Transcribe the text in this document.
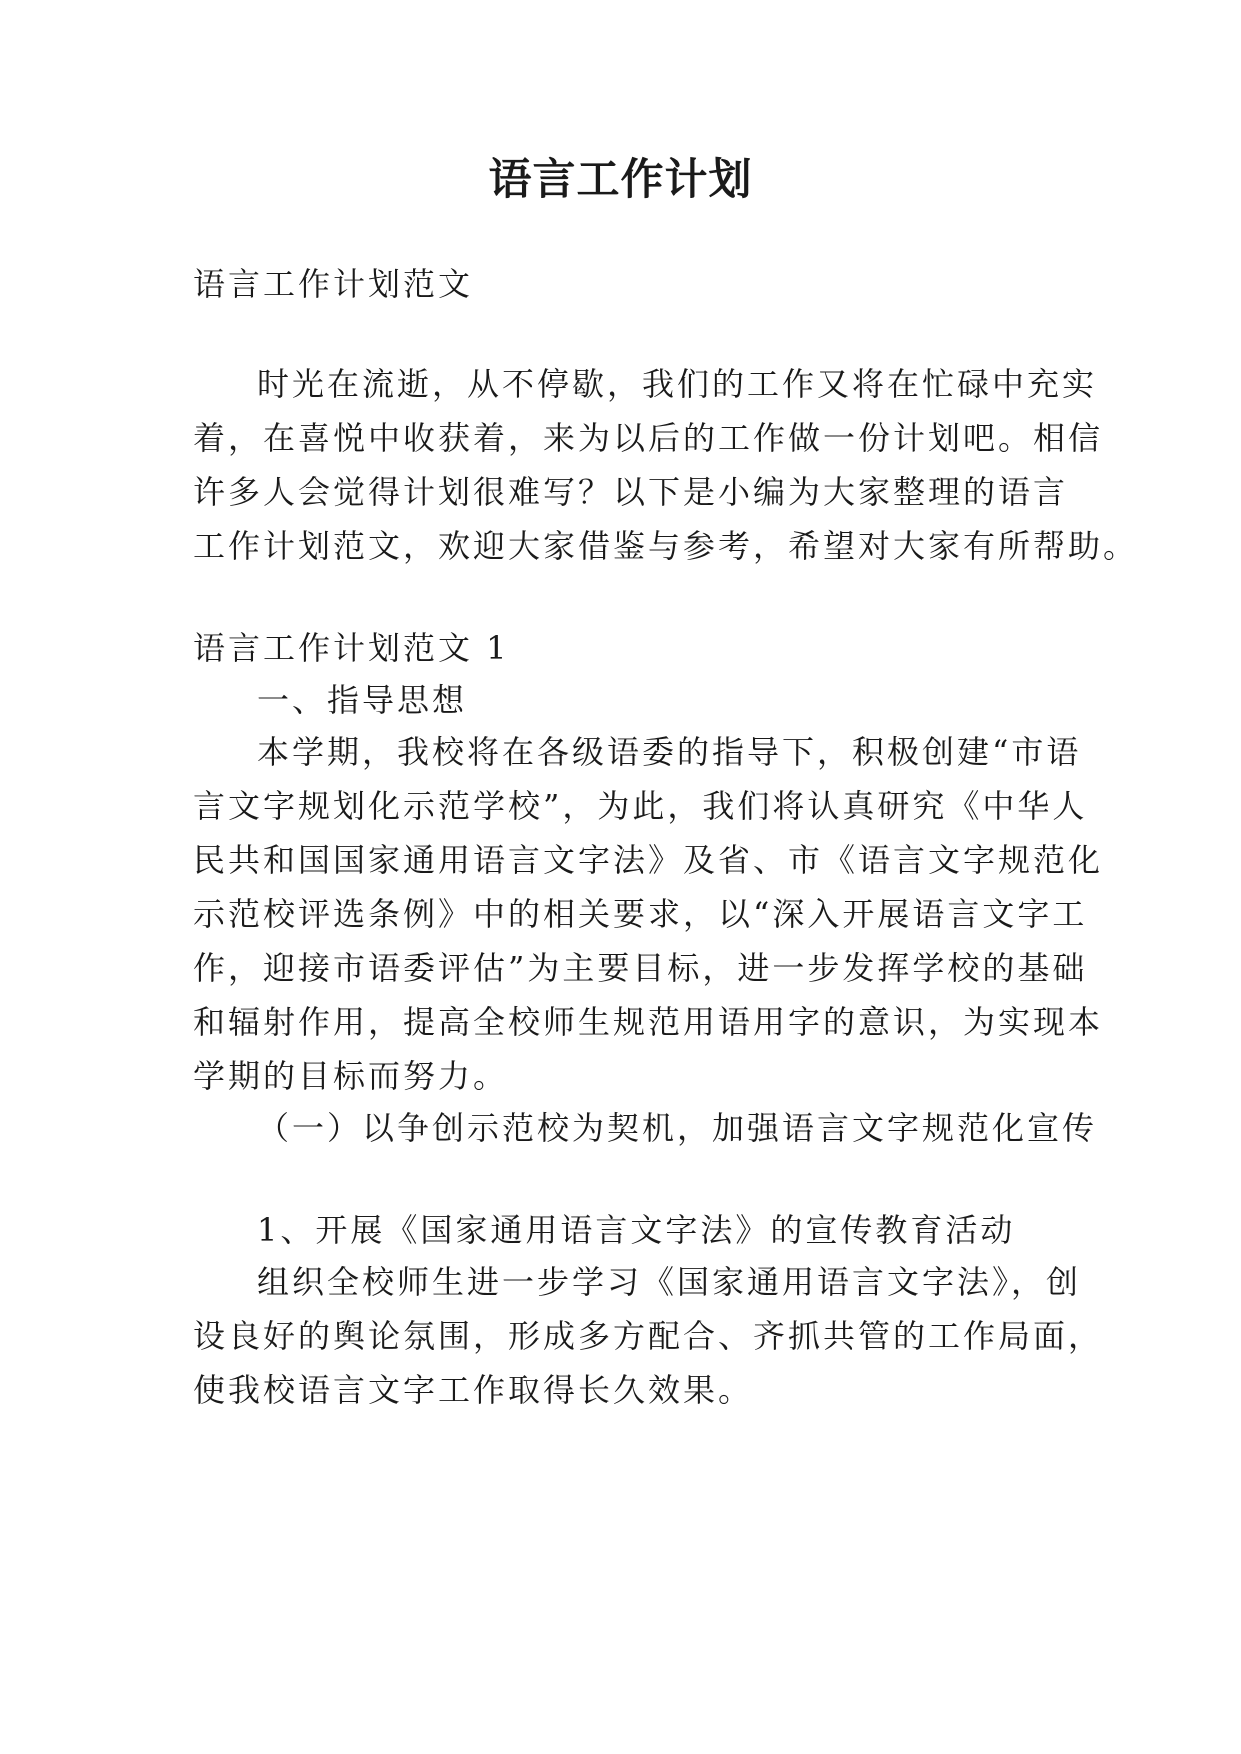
语言工作计划

语言工作计划范文

时光在流逝，从不停歇，我们的工作又将在忙碌中充实

着，在喜悦中收获着，来为以后的工作做一份计划吧。相信

许多人会觉得计划很难写？以下是小编为大家整理的语言

工作计划范文，欢迎大家借鉴与参考，希望对大家有所帮助。

语言工作计划范文 1

一、指导思想

本学期，我校将在各级语委的指导下，积极创建“市语

言文字规划化示范学校”，为此，我们将认真研究《中华人

民共和国国家通用语言文字法》及省、市《语言文字规范化

示范校评选条例》中的相关要求，以“深入开展语言文字工

作，迎接市语委评估”为主要目标，进一步发挥学校的基础

和辐射作用，提高全校师生规范用语用字的意识，为实现本

学期的目标而努力。

（一）以争创示范校为契机，加强语言文字规范化宣传

1、开展《国家通用语言文字法》的宣传教育活动

组织全校师生进一步学习《国家通用语言文字法》，创

设良好的舆论氛围，形成多方配合、齐抓共管的工作局面，

使我校语言文字工作取得长久效果。
